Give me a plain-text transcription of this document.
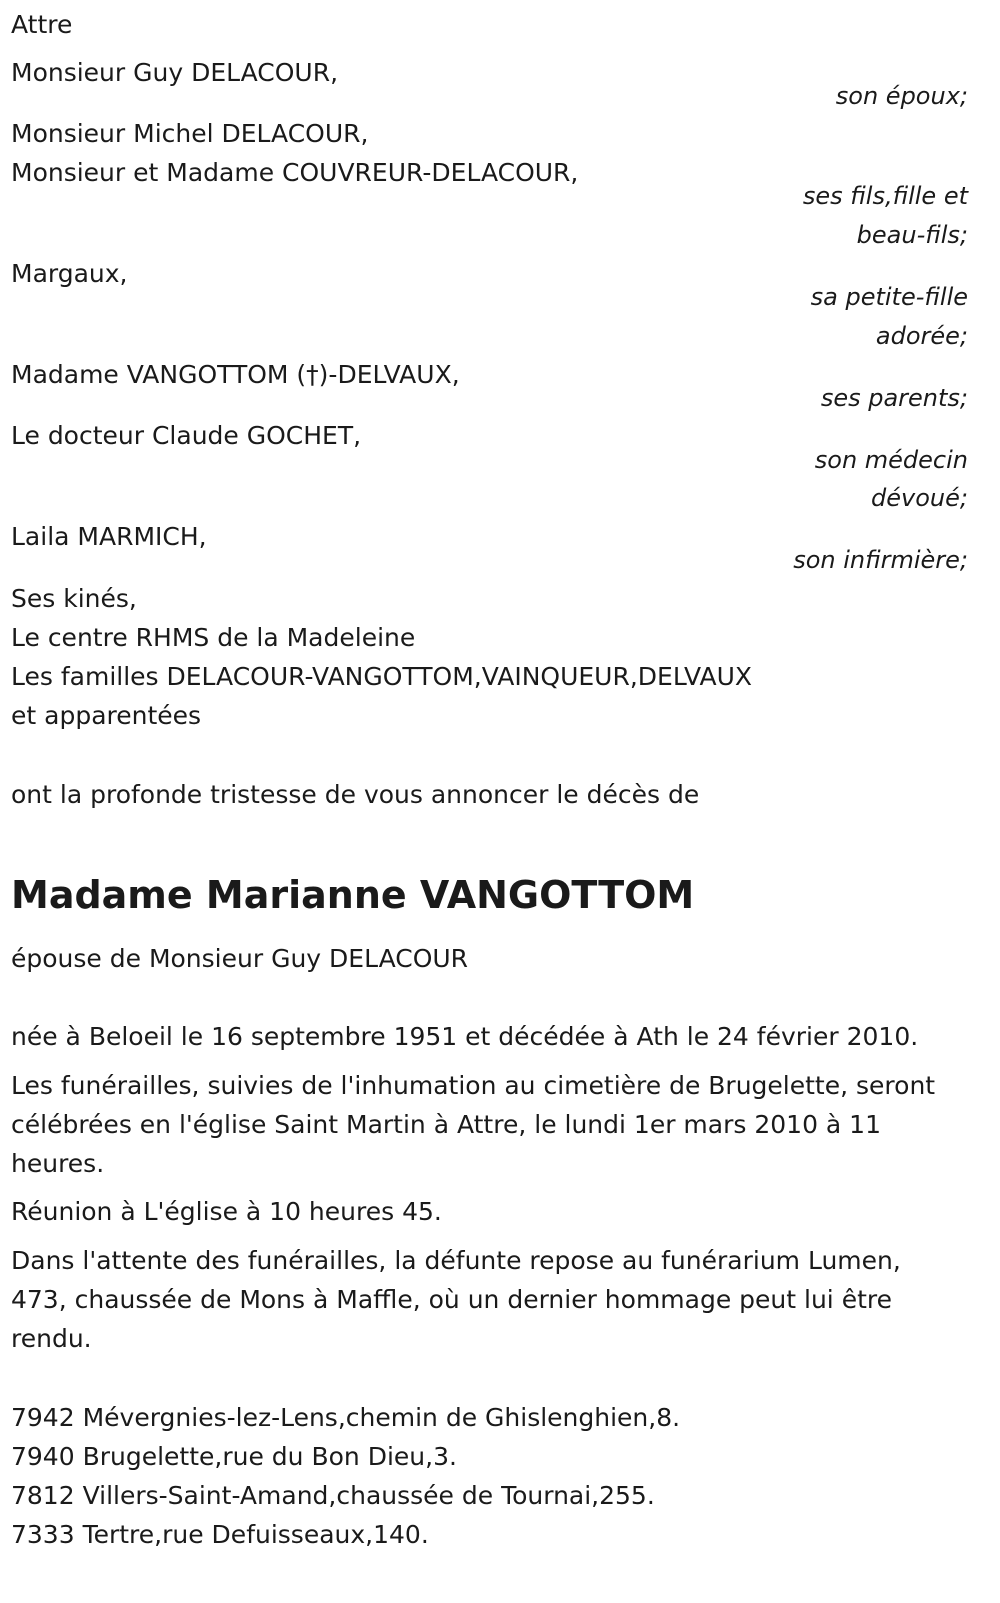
Attre

Monsieur Guy DELACOUR,

son époux;

Monsieur Michel DELACOUR,

Monsieur et Madame COUVREUR-DELACOUR,

ses fils,fille et

beau-fils;

Margaux,

sa petite-fille

adorée;

Madame VANGOTTOM (†)-DELVAUX,

ses parents;

Le docteur Claude GOCHET,

son médecin

dévoué;

Laila MARMICH,

son infirmière;

Ses kinés,

Le centre RHMS de la Madeleine

Les familles DELACOUR-VANGOTTOM,VAINQUEUR,DELVAUX

et apparentées

ont la profonde tristesse de vous annoncer le décès de

Madame Marianne VANGOTTOM

épouse de Monsieur Guy DELACOUR

née à Beloeil le 16 septembre 1951 et décédée à Ath le 24 février 2010.

Les funérailles, suivies de l'inhumation au cimetière de Brugelette, seront

célébrées en l'église Saint Martin à Attre, le lundi 1er mars 2010 à 11

heures.

Réunion à L'église à 10 heures 45.

Dans l'attente des funérailles, la défunte repose au funérarium Lumen,

473, chaussée de Mons à Maffle, où un dernier hommage peut lui être

rendu.

7942 Mévergnies-lez-Lens,chemin de Ghislenghien,8.

7940 Brugelette,rue du Bon Dieu,3.

7812 Villers-Saint-Amand,chaussée de Tournai,255.

7333 Tertre,rue Defuisseaux,140.
